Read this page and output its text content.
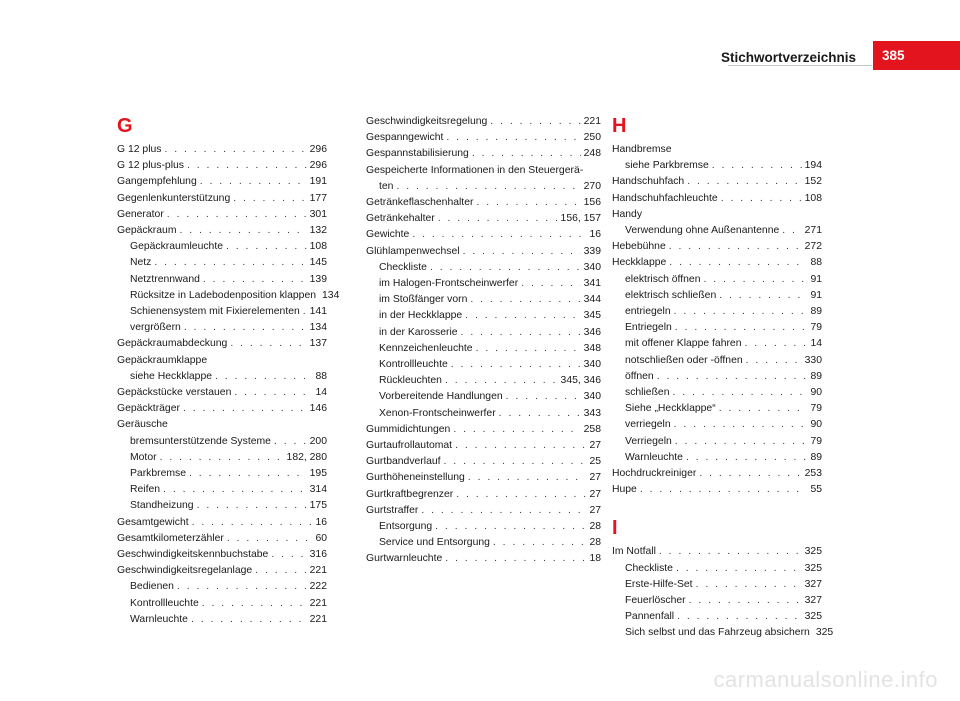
Stichwortverzeichnis	385
G
G 12 plus . . .	296
G 12 plus-plus . . .	296
Gangempfehlung . . .	191
Gegenlenkunterstützung . . .	177
Generator . . .	301
Gepäckraum . . .	132
Gepäckraumleuchte . . .	108
Netz . . .	145
Netztrennwand . . .	139
Rücksitze in Ladebodenposition klappen 134
Schienensystem mit Fixierelementen . . . 141
vergrößern . . .	134
Gepäckraumabdeckung . . .	137
Gepäckraumklappe
siehe Heckklappe . . .	88
Gepäckstücke verstauen . . .	14
Gepäckträger . . .	146
Geräusche
bremsunterstützende Systeme . . .	200
Motor . . .	182, 280
Parkbremse . . .	195
Reifen . . .	314
Standheizung . . .	175
Gesamtgewicht . . .	16
Gesamtkilometerzähler . . .	60
Geschwindigkeitskennbuchstabe . . .	316
Geschwindigkeitsregelanlage . . .	221
Bedienen . . .	222
Kontrollleuchte . . .	221
Warnleuchte . . .	221
Geschwindigkeitsregelung . . .	221
Gespanngewicht . . .	250
Gespannstabilisierung . . .	248
Gespeicherte Informationen in den Steuergerä-
ten . . .	270
Getränkeflaschenhalter . . .	156
Getränkehalter . . .	156, 157
Gewichte . . .	16
Glühlampenwechsel . . .	339
Checkliste . . .	340
im Halogen-Frontscheinwerfer . . .	341
im Stoßfänger vorn . . .	344
in der Heckklappe . . .	345
in der Karosserie . . .	346
Kennzeichenleuchte . . .	348
Kontrollleuchte . . .	340
Rückleuchten . . .	345, 346
Vorbereitende Handlungen . . .	340
Xenon-Frontscheinwerfer . . .	343
Gummidichtungen . . .	258
Gurtaufrollautomat . . .	27
Gurtbandverlauf . . .	25
Gurthöheneinstellung . . .	27
Gurtkraftbegrenzer . . .	27
Gurtstraffer . . .	27
Entsorgung . . .	28
Service und Entsorgung . . .	28
Gurtwarnleuchte . . .	18
H
Handbremse
siehe Parkbremse . . .	194
Handschuhfach . . .	152
Handschuhfachleuchte . . .	108
Handy
Verwendung ohne Außenantenne . . . 271
Hebebühne . . .	272
Heckklappe . . .	88
elektrisch öffnen . . .	91
elektrisch schließen . . .	91
entriegeln . . .	89
Entriegeln . . .	79
mit offener Klappe fahren . . .	14
notschließen oder -öffnen . . .	330
öffnen . . .	89
schließen . . .	90
Siehe „Heckklappe“ . . .	79
verriegeln . . .	90
Verriegeln . . .	79
Warnleuchte . . .	89
Hochdruckreiniger . . .	253
Hupe . . .	55
I
Im Notfall . . .	325
Checkliste . . .	325
Erste-Hilfe-Set . . .	327
Feuerlöscher . . .	327
Pannenfall . . .	325
Sich selbst und das Fahrzeug absichern 325
carmanualsonline.info
